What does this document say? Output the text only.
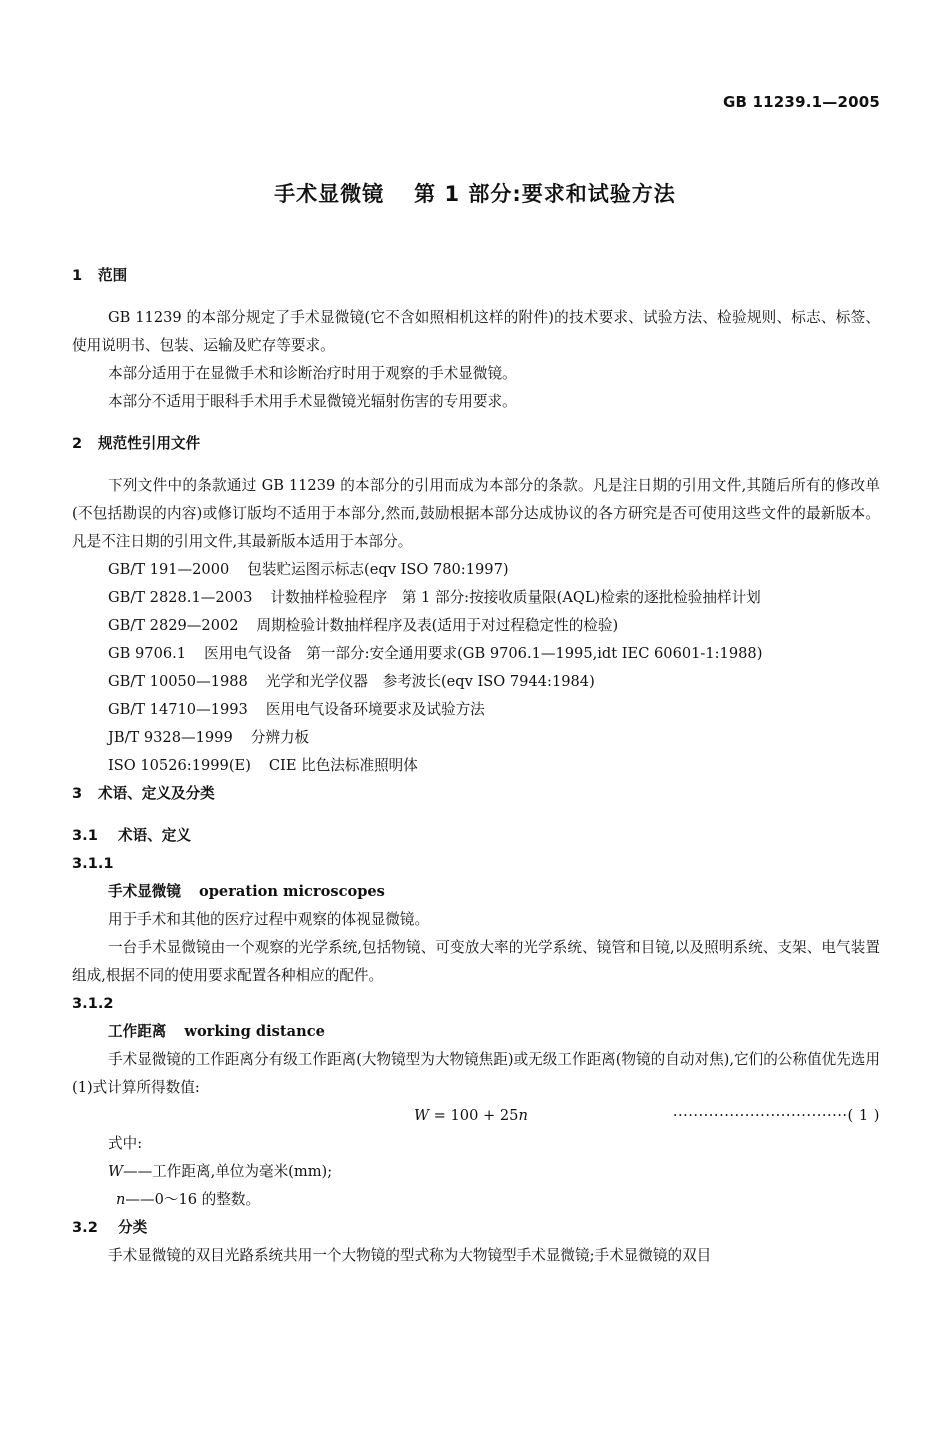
GB 11239.1—2005
手术显微镜 第 1 部分:要求和试验方法
1 范围

GB 11239 的本部分规定了手术显微镜(它不含如照相机这样的附件)的技术要求、试验方法、检验规则、标志、标签、使用说明书、包装、运输及贮存等要求。

本部分适用于在显微手术和诊断治疗时用于观察的手术显微镜。

本部分不适用于眼科手术用手术显微镜光辐射伤害的专用要求。

2 规范性引用文件

下列文件中的条款通过 GB 11239 的本部分的引用而成为本部分的条款。凡是注日期的引用文件,其随后所有的修改单(不包括勘误的内容)或修订版均不适用于本部分,然而,鼓励根据本部分达成协议的各方研究是否可使用这些文件的最新版本。凡是不注日期的引用文件,其最新版本适用于本部分。

GB/T 191—2000 包装贮运图示标志(eqv ISO 780:1997)

GB/T 2828.1—2003 计数抽样检验程序　第 1 部分:按接收质量限(AQL)检索的逐批检验抽样计划

GB/T 2829—2002 周期检验计数抽样程序及表(适用于对过程稳定性的检验)

GB 9706.1 医用电气设备　第一部分:安全通用要求(GB 9706.1—1995,idt IEC 60601-1:1988)

GB/T 10050—1988 光学和光学仪器　参考波长(eqv ISO 7944:1984)

GB/T 14710—1993 医用电气设备环境要求及试验方法

JB/T 9328—1999 分辨力板

ISO 10526:1999(E) CIE 比色法标准照明体

3 术语、定义及分类
3.1 术语、定义
3.1.1

手术显微镜 operation microscopes

用于手术和其他的医疗过程中观察的体视显微镜。

一台手术显微镜由一个观察的光学系统,包括物镜、可变放大率的光学系统、镜管和目镜,以及照明系统、支架、电气装置组成,根据不同的使用要求配置各种相应的配件。

3.1.2

工作距离 working distance

手术显微镜的工作距离分有级工作距离(大物镜型为大物镜焦距)或无级工作距离(物镜的自动对焦),它们的公称值优先选用(1)式计算所得数值:

W = 100 + 25n	··································( 1 )

式中:

W——工作距离,单位为毫米(mm);

n——0～16 的整数。

3.2 分类

手术显微镜的双目光路系统共用一个大物镜的型式称为大物镜型手术显微镜;手术显微镜的双目
